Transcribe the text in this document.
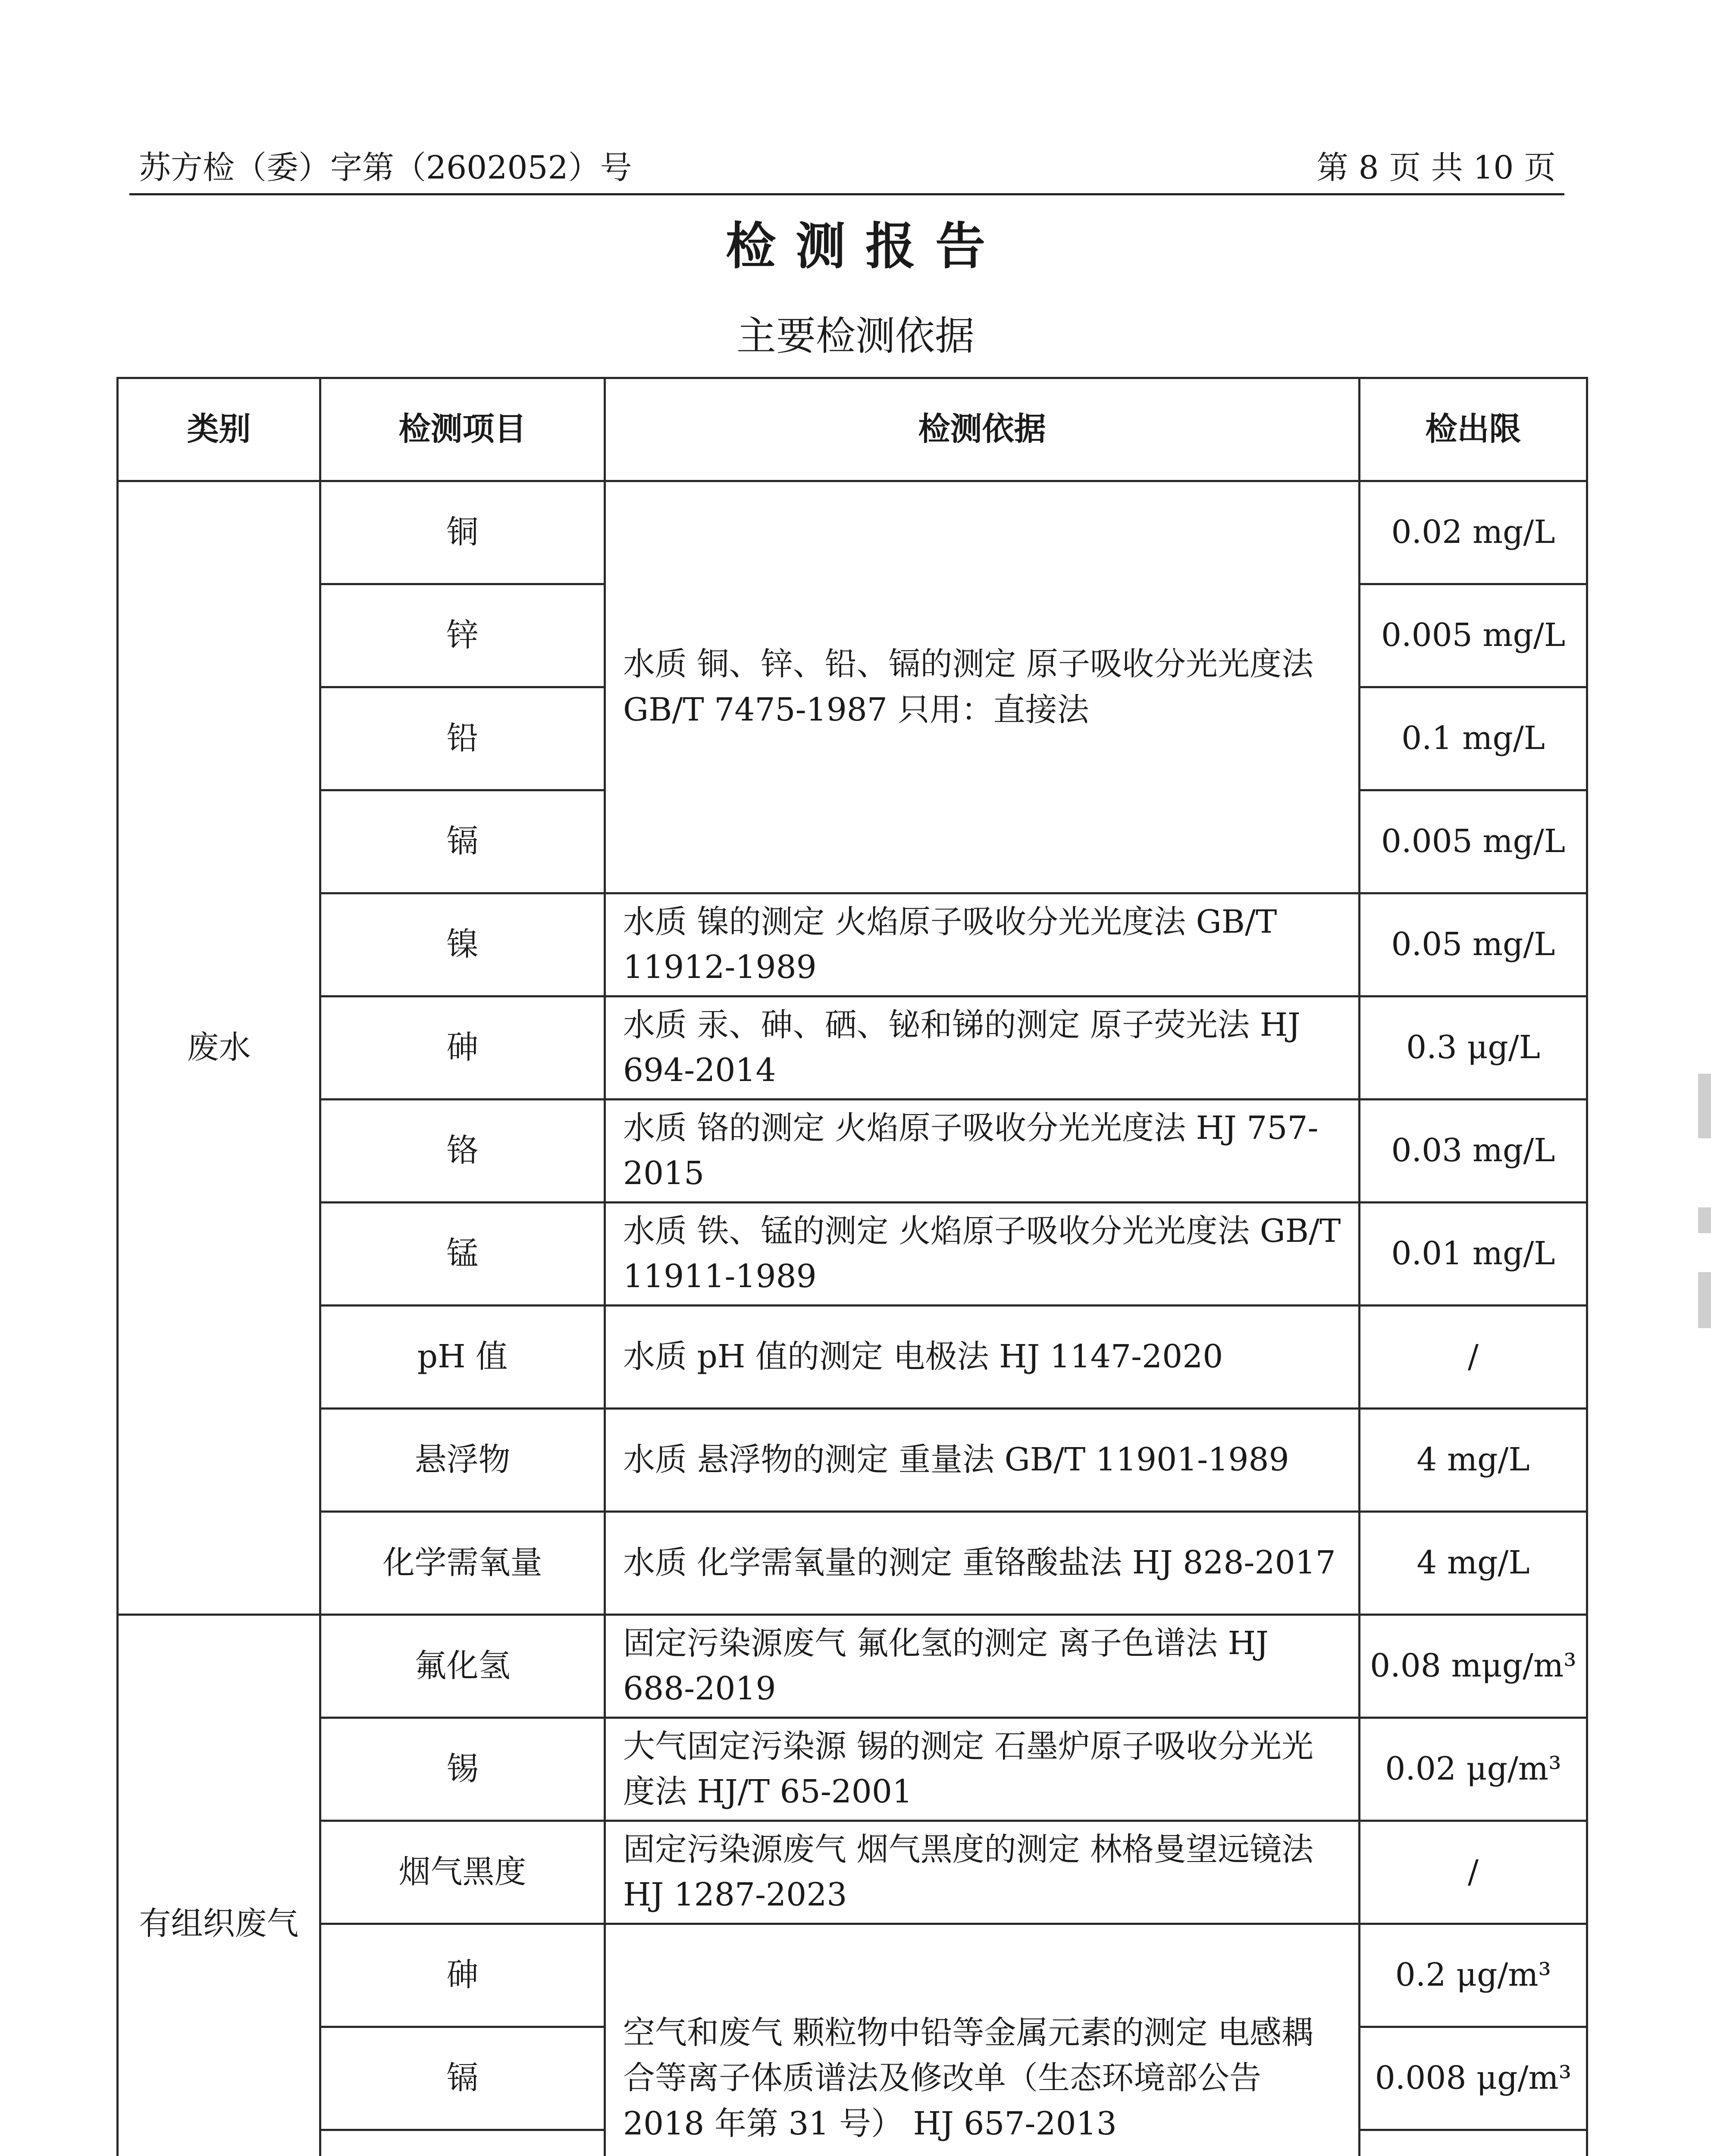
苏方检（委）字第（2602052）号	第 8 页 共 10 页
检测报告
主要检测依据
类别	检测项目	检测依据	检出限
废水	铜	水质 铜、锌、铅、镉的测定 原子吸收分光光度法 GB/T 7475-1987 只用：直接法	0.02 mg/L
	锌		0.005 mg/L
	铅		0.1 mg/L
	镉		0.005 mg/L
	镍	水质 镍的测定 火焰原子吸收分光光度法 GB/T 11912-1989	0.05 mg/L
	砷	水质 汞、砷、硒、铋和锑的测定 原子荧光法 HJ 694-2014	0.3 μg/L
	铬	水质 铬的测定 火焰原子吸收分光光度法 HJ 757-2015	0.03 mg/L
	锰	水质 铁、锰的测定 火焰原子吸收分光光度法 GB/T 11911-1989	0.01 mg/L
	pH 值	水质 pH 值的测定 电极法 HJ 1147-2020	/
	悬浮物	水质 悬浮物的测定 重量法 GB/T 11901-1989	4 mg/L
	化学需氧量	水质 化学需氧量的测定 重铬酸盐法 HJ 828-2017	4 mg/L
有组织废气	氟化氢	固定污染源废气 氟化氢的测定 离子色谱法 HJ 688-2019	0.08 mμg/m³
	锡	大气固定污染源 锡的测定 石墨炉原子吸收分光光度法 HJ/T 65-2001	0.02 μg/m³
	烟气黑度	固定污染源废气 烟气黑度的测定 林格曼望远镜法 HJ 1287-2023	/
	砷	空气和废气 颗粒物中铅等金属元素的测定 电感耦合等离子体质谱法及修改单（生态环境部公告 2018 年第 31 号） HJ 657-2013	0.2 μg/m³
	镉		0.008 μg/m³
